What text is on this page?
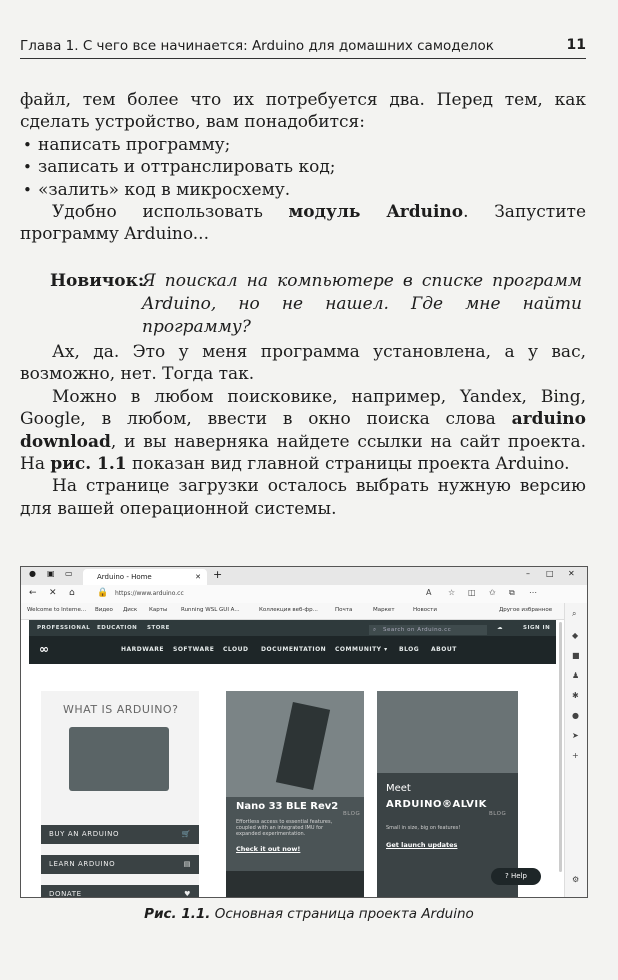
Глава 1. С чего все начинается: Arduino для домашних самоделок	11

файл, тем более что их потребуется два. Перед тем, как сделать устройство, вам понадобится:

• написать программу;
• записать и оттранслировать код;
• «залить» код в микросхему.

Удобно использовать модуль Arduino. Запустите программу Arduino...

Новичок:
Я поискал на компьютере в списке программ Arduino, но не нашел. Где мне найти программу?

Ах, да. Это у меня программа установлена, а у вас, возможно, нет. Тогда так.

Можно в любом поисковике, например, Yandex, Bing, Google, в любом, ввести в окно поиска слова arduino download, и вы наверняка найдете ссылки на сайт проекта. На рис. 1.1 показан вид главной страницы проекта Arduino.

На странице загрузки осталось выбрать нужную версию для вашей операционной системы.

● ▣ ▭	Arduino - Home	✕ +	– □ ✕
← ✕ ⌂ 🔒 https://www.arduino.cc	A ☆ ◫ ✩ ⧉ ⋯
Welcome to Interne... Видео Диск Карты Running WSL GUI A...	Коллекция веб-фр...	Почта	Маркет	Новости	Другое избранное ⌕
◆
■
♟
✱
●
➤
+
⚙
PROFESSIONAL EDUCATION STORE	⌕ Search on Arduino.cc	☁	SIGN IN
∞	HARDWARE SOFTWARE CLOUD DOCUMENTATION COMMUNITY ▾ BLOG ABOUT
WHAT IS ARDUINO?
BUY AN ARDUINO	🛒
LEARN ARDUINO	▤
DONATE	♥
Nano 33 BLE Rev2
Effortless access to essential features, coupled with an integrated IMU for expanded experimentation.
Check it out now!
Meet
ARDUINO®ALVIK
Small in size, big on features!
Get launch updates
BLOG	BLOG
? Help
Рис. 1.1. Основная страница проекта Arduino
